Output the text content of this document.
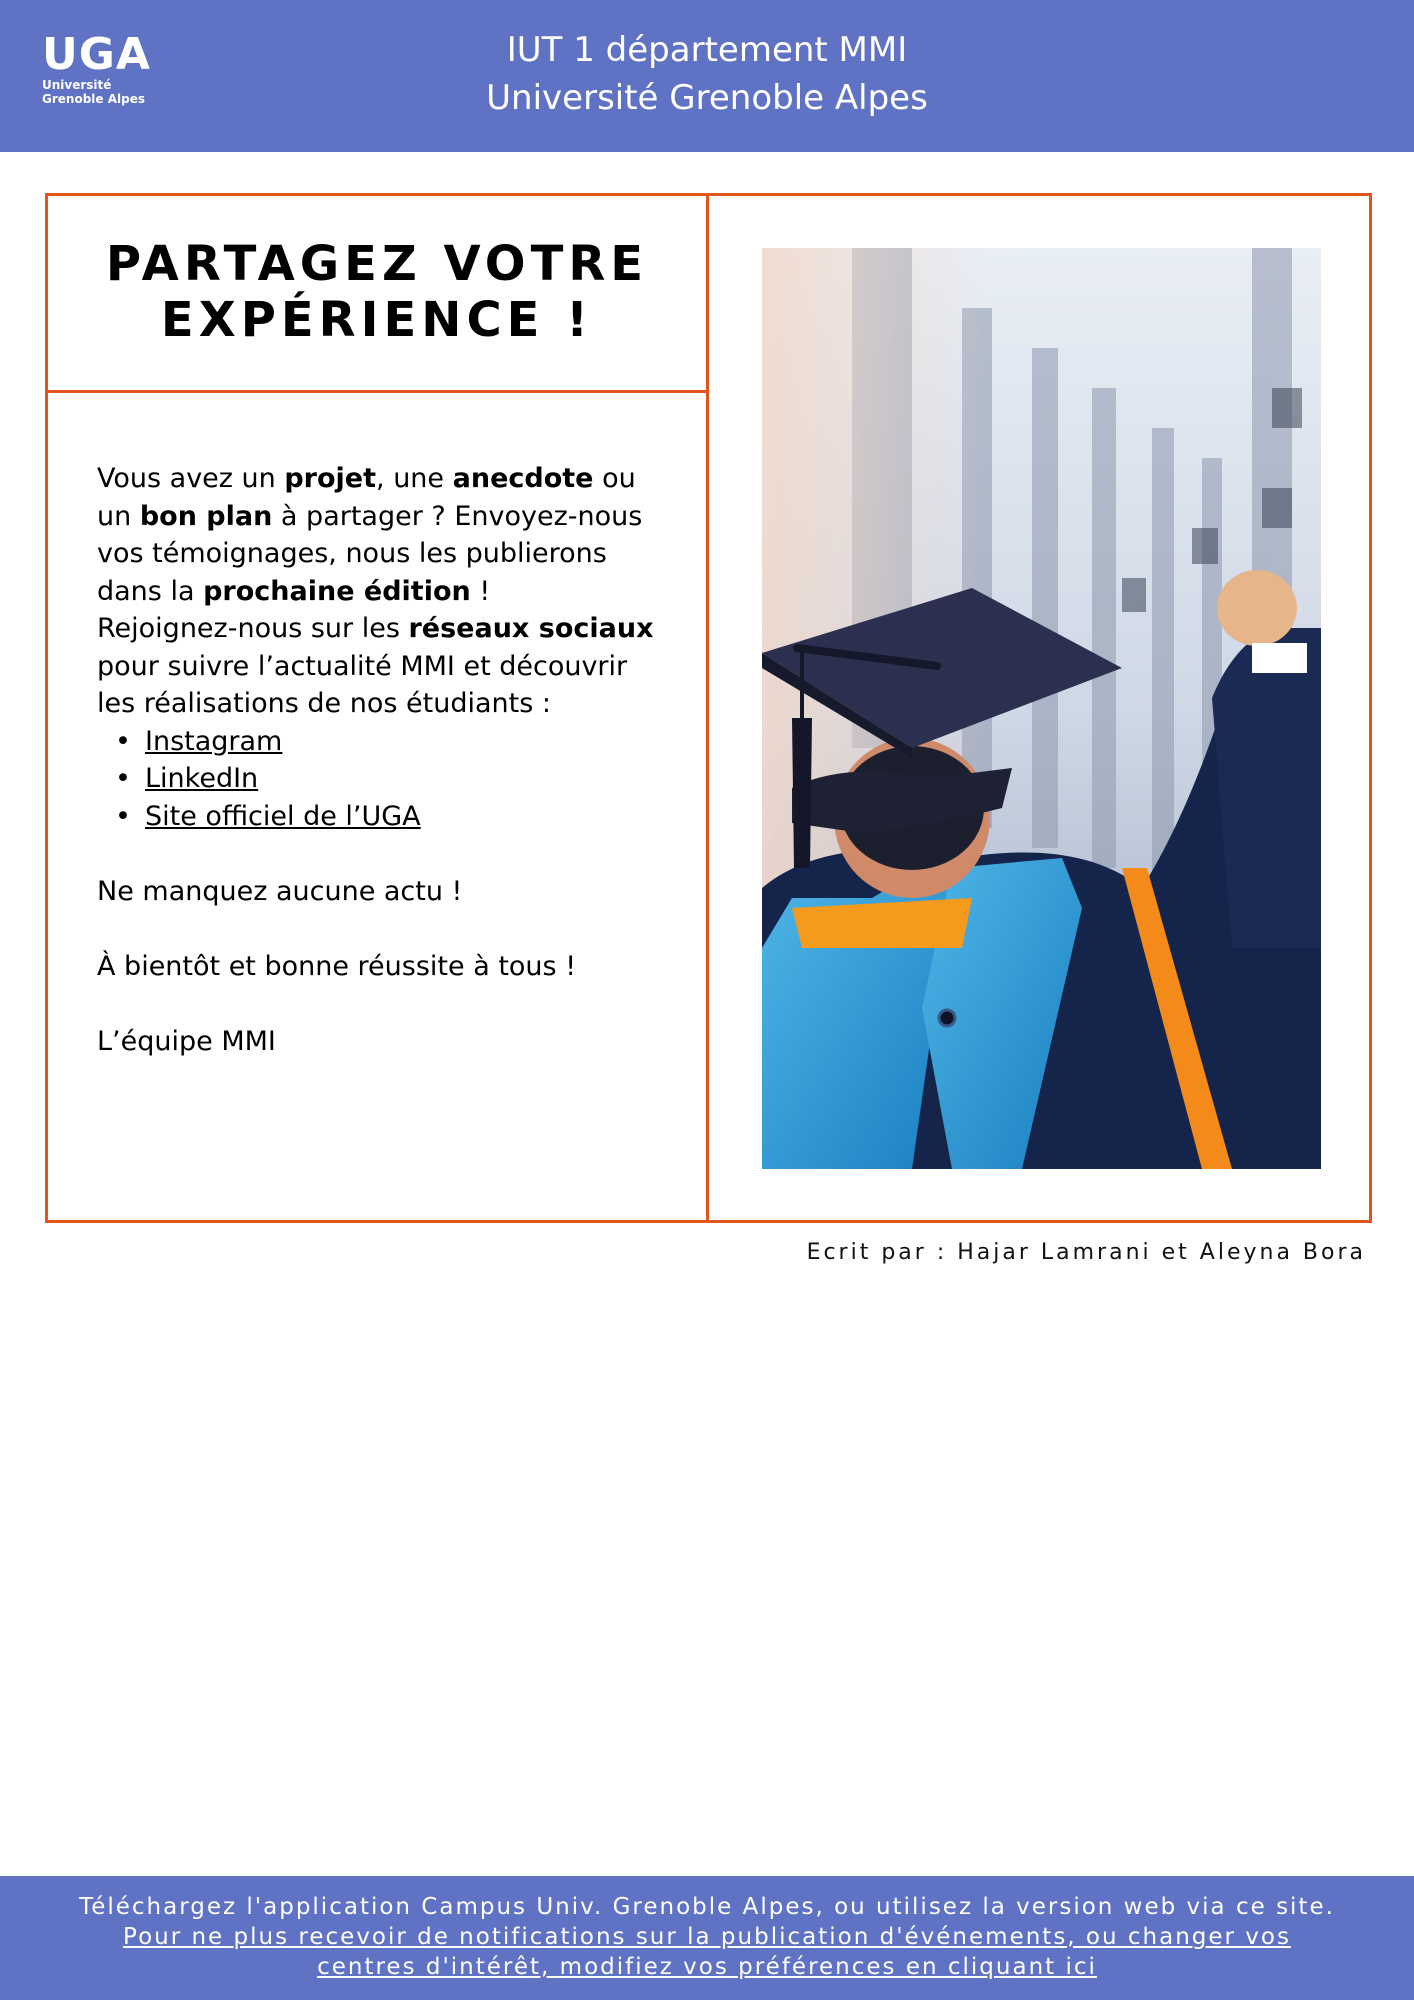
UGA
Université
Grenoble Alpes
IUT 1 département MMI
Université Grenoble Alpes
PARTAGEZ VOTRE
EXPÉRIENCE !

Vous avez un projet, une anecdote ou un bon plan à partager ? Envoyez-nous vos témoignages, nous les publierons dans la prochaine édition !

Rejoignez-nous sur les réseaux sociaux pour suivre l’actualité MMI et découvrir les réalisations de nos étudiants :

• Instagram
• LinkedIn
• Site officiel de l’UGA

Ne manquez aucune actu !

À bientôt et bonne réussite à tous !

L’équipe MMI

Ecrit par : Hajar Lamrani et Aleyna Bora
Téléchargez l'application Campus Univ. Grenoble Alpes, ou utilisez la version web via ce site. Pour ne plus recevoir de notifications sur la publication d'événements, ou changer vos centres d'intérêt, modifiez vos préférences en cliquant ici
